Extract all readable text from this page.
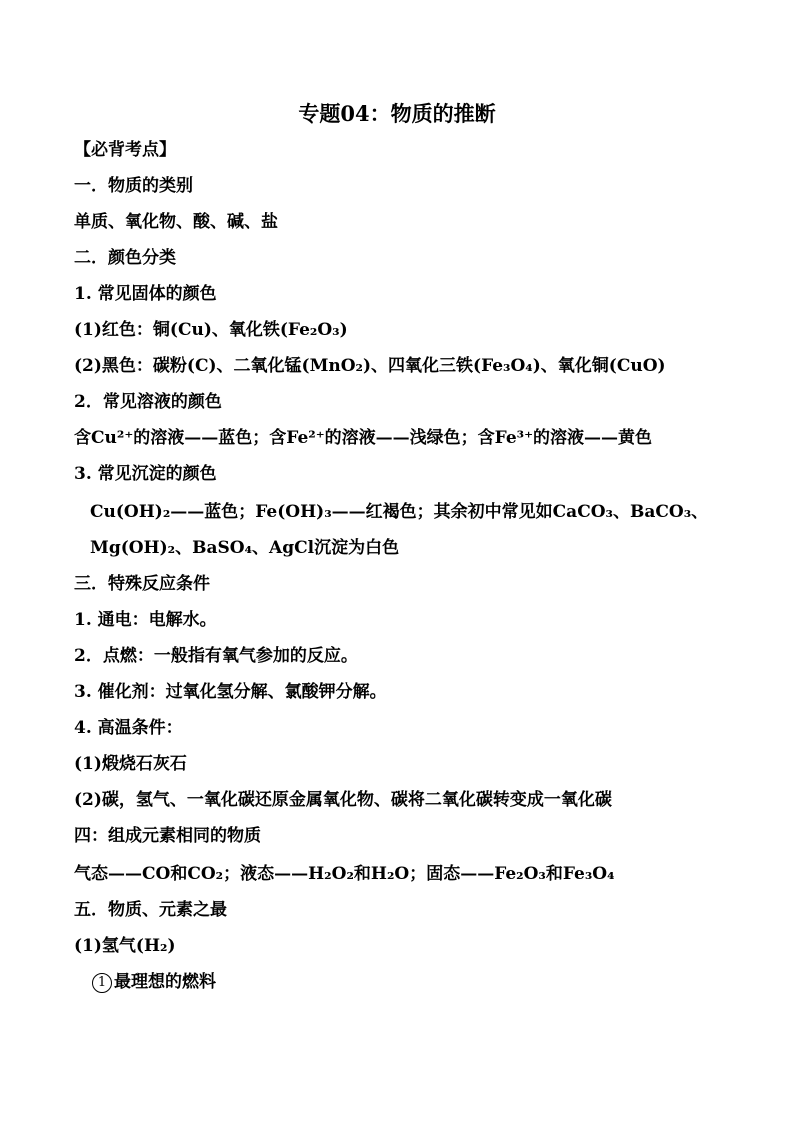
专题04：物质的推断
【必背考点】
一．物质的类别
单质、氧化物、酸、碱、盐
二．颜色分类
1. 常见固体的颜色
(1)红色：铜(Cu)、氧化铁(Fe₂O₃)
(2)黑色：碳粉(C)、二氧化锰(MnO₂)、四氧化三铁(Fe₃O₄)、氧化铜(CuO)
2．常见溶液的颜色
含Cu²⁺的溶液——蓝色；含Fe²⁺的溶液——浅绿色；含Fe³⁺的溶液——黄色
3. 常见沉淀的颜色
Cu(OH)₂——蓝色；Fe(OH)₃——红褐色；其余初中常见如CaCO₃、BaCO₃、
Mg(OH)₂、BaSO₄、AgCl沉淀为白色
三．特殊反应条件
1. 通电：电解水。
2．点燃：一般指有氧气参加的反应。
3. 催化剂：过氧化氢分解、氯酸钾分解。
4. 高温条件：
(1)煅烧石灰石
(2)碳，氢气、一氧化碳还原金属氧化物、碳将二氧化碳转变成一氧化碳
四：组成元素相同的物质
气态——CO和CO₂；液态——H₂O₂和H₂O；固态——Fe₂O₃和Fe₃O₄
五．物质、元素之最
(1)氢气(H₂)
1 最理想的燃料
